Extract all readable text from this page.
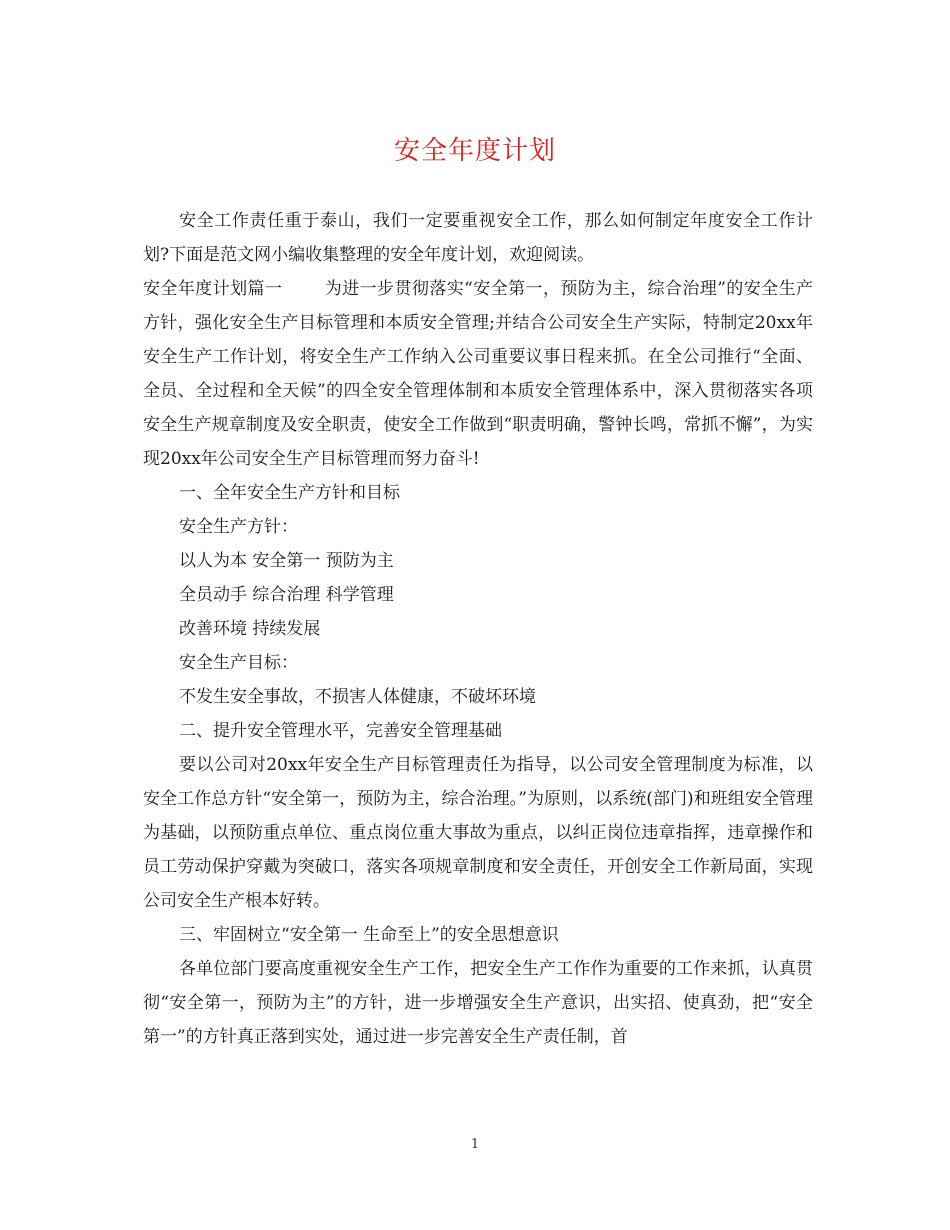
安全年度计划

安全工作责任重于泰山，我们一定要重视安全工作，那么如何制定年度安全工作计划?下面是范文网小编收集整理的安全年度计划，欢迎阅读。

安全年度计划篇一 为进一步贯彻落实“安全第一，预防为主，综合治理”的安全生产方针，强化安全生产目标管理和本质安全管理;并结合公司安全生产实际，特制定20xx年安全生产工作计划，将安全生产工作纳入公司重要议事日程来抓。在全公司推行“全面、全员、全过程和全天候”的四全安全管理体制和本质安全管理体系中，深入贯彻落实各项安全生产规章制度及安全职责，使安全工作做到“职责明确，警钟长鸣，常抓不懈”，为实现20xx年公司安全生产目标管理而努力奋斗!

一、全年安全生产方针和目标

安全生产方针：

以人为本 安全第一 预防为主

全员动手 综合治理 科学管理

改善环境 持续发展

安全生产目标：

不发生安全事故，不损害人体健康，不破坏环境

二、提升安全管理水平，完善安全管理基础

要以公司对20xx年安全生产目标管理责任为指导，以公司安全管理制度为标准，以安全工作总方针“安全第一，预防为主，综合治理。”为原则，以系统(部门)和班组安全管理为基础，以预防重点单位、重点岗位重大事故为重点，以纠正岗位违章指挥，违章操作和员工劳动保护穿戴为突破口，落实各项规章制度和安全责任，开创安全工作新局面，实现公司安全生产根本好转。

三、牢固树立“安全第一 生命至上”的安全思想意识

各单位部门要高度重视安全生产工作，把安全生产工作作为重要的工作来抓，认真贯彻“安全第一，预防为主”的方针，进一步增强安全生产意识，出实招、使真劲，把“安全第一”的方针真正落到实处，通过进一步完善安全生产责任制，首

1
